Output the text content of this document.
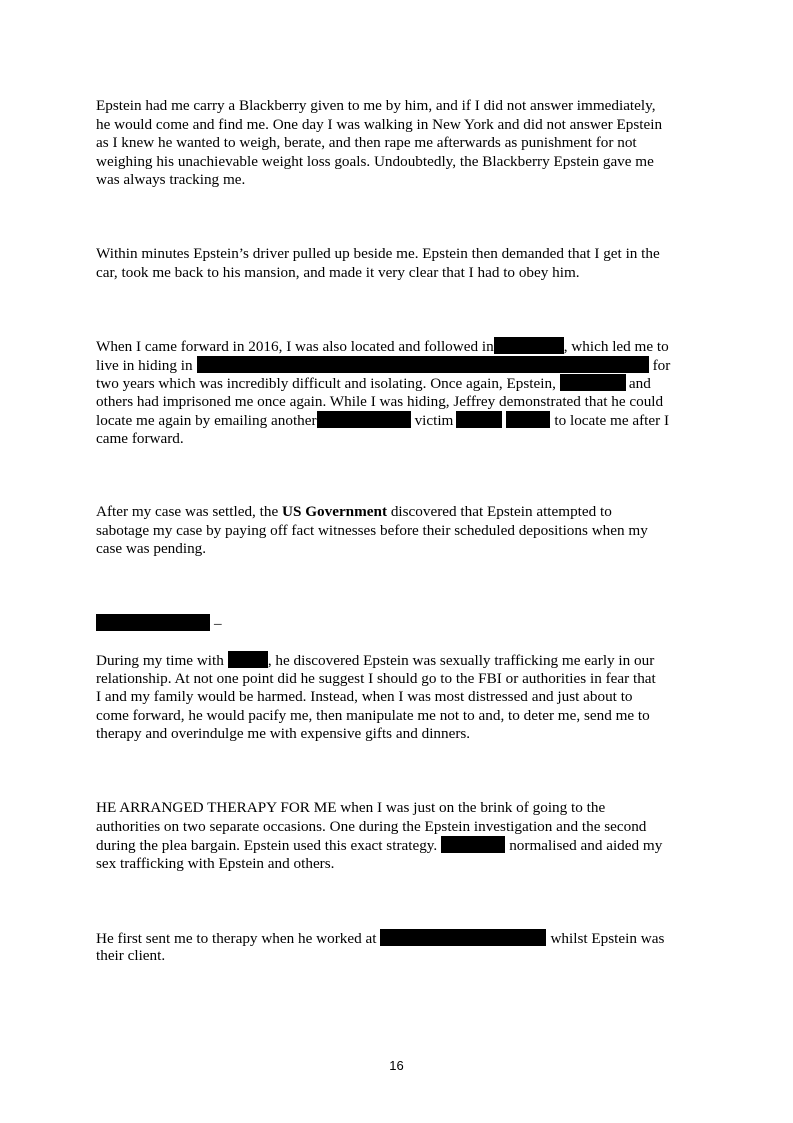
Epstein had me carry a Blackberry given to me by him, and if I did not answer immediately,
he would come and find me. One day I was walking in New York and did not answer Epstein
as I knew he wanted to weigh, berate, and then rape me afterwards as punishment for not
weighing his unachievable weight loss goals. Undoubtedly, the Blackberry Epstein gave me
was always tracking me.
Within minutes Epstein’s driver pulled up beside me. Epstein then demanded that I get in the
car, took me back to his mansion, and made it very clear that I had to obey him.
When I came forward in 2016, I was also located and followed in	, which led me to
live in hiding in	for
two years which was incredibly difficult and isolating. Once again, Epstein,	and
others had imprisoned me once again. While I was hiding, Jeffrey demonstrated that he could
locate me again by emailing another	victim	to locate me after I
came forward.
After my case was settled, the US Government discovered that Epstein attempted to
sabotage my case by paying off fact witnesses before their scheduled depositions when my
case was pending.
–
During my time with	, he discovered Epstein was sexually trafficking me early in our
relationship. At not one point did he suggest I should go to the FBI or authorities in fear that
I and my family would be harmed. Instead, when I was most distressed and just about to
come forward, he would pacify me, then manipulate me not to and, to deter me, send me to
therapy and overindulge me with expensive gifts and dinners.
HE ARRANGED THERAPY FOR ME when I was just on the brink of going to the
authorities on two separate occasions. One during the Epstein investigation and the second
during the plea bargain. Epstein used this exact strategy.	normalised and aided my
sex trafficking with Epstein and others.
He first sent me to therapy when he worked at	whilst Epstein was
their client.
16
